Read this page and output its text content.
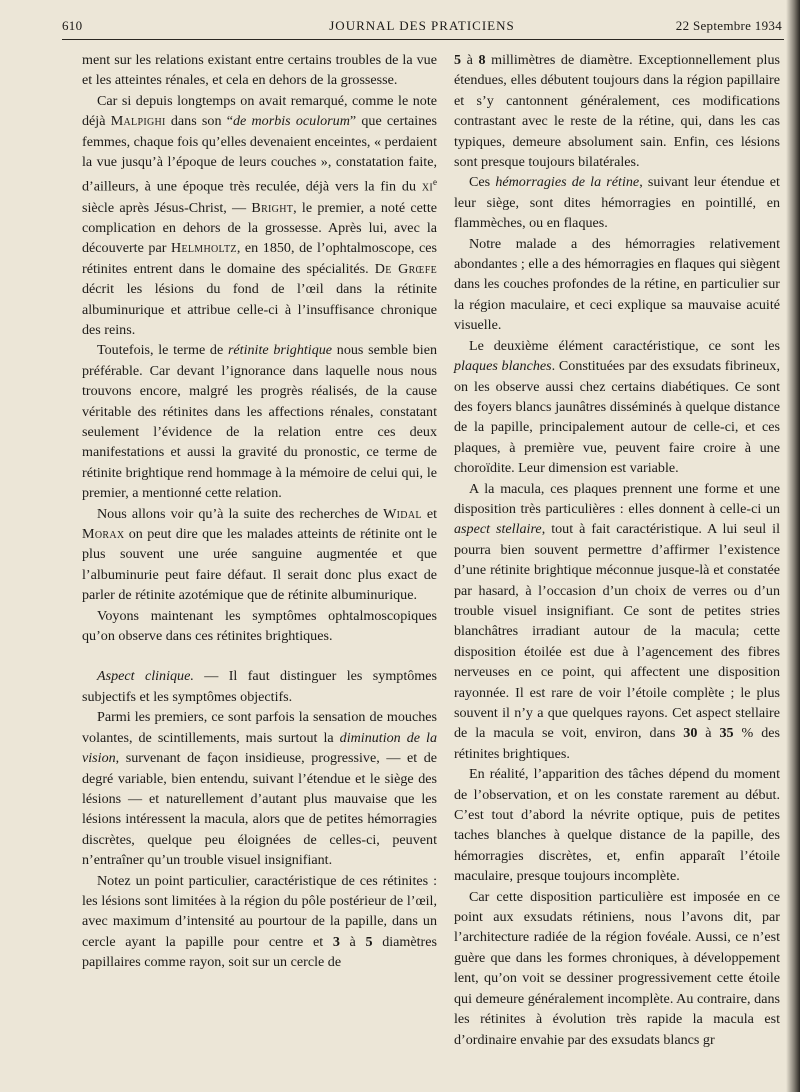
610	JOURNAL DES PRATICIENS	22 Septembre 1934

ment sur les relations existant entre certains troubles de la vue et les atteintes rénales, et cela en dehors de la grossesse.

Car si depuis longtemps on avait remarqué, comme le note déjà Malpighi dans son “de morbis oculorum” que certaines femmes, chaque fois qu’elles devenaient enceintes, « perdaient la vue jusqu’à l’époque de leurs couches », constatation faite, d’ailleurs, à une époque très reculée, déjà vers la fin du $xi^e$ siècle après Jésus-Christ, — Bright, le premier, a noté cette complication en dehors de la grossesse. Après lui, avec la découverte par Helmholtz, en 1850, de l’ophtalmoscope, ces rétinites entrent dans le domaine des spécialités. De Grœfe décrit les lésions du fond de l’œil dans la rétinite albuminurique et attribue celle-ci à l’insuffisance chronique des reins.

Toutefois, le terme de rétinite brightique nous semble bien préférable. Car devant l’ignorance dans laquelle nous nous trouvons encore, malgré les progrès réalisés, de la cause véritable des rétinites dans les affections rénales, constatant seulement l’évidence de la relation entre ces deux manifestations et aussi la gravité du pronostic, ce terme de rétinite brightique rend hommage à la mémoire de celui qui, le premier, a mentionné cette relation.

Nous allons voir qu’à la suite des recherches de Widal et Morax on peut dire que les malades atteints de rétinite ont le plus souvent une urée sanguine augmentée et que l’albuminurie peut faire défaut. Il serait donc plus exact de parler de rétinite azotémique que de rétinite albuminurique.

Voyons maintenant les symptômes ophtalmoscopiques qu’on observe dans ces rétinites brightiques.

Aspect clinique. — Il faut distinguer les symptômes subjectifs et les symptômes objectifs.

Parmi les premiers, ce sont parfois la sensation de mouches volantes, de scintillements, mais surtout la diminution de la vision, survenant de façon insidieuse, progressive, — et de degré variable, bien entendu, suivant l’étendue et le siège des lésions — et naturellement d’autant plus mauvaise que les lésions intéressent la macula, alors que de petites hémorragies discrètes, quelque peu éloignées de celles-ci, peuvent n’entraîner qu’un trouble visuel insignifiant.

Notez un point particulier, caractéristique de ces rétinites : les lésions sont limitées à la région du pôle postérieur de l’œil, avec maximum d’intensité au pourtour de la papille, dans un cercle ayant la papille pour centre et 3 à 5 diamètres papillaires comme rayon, soit sur un cercle de

5 à 8 millimètres de diamètre. Exceptionnellement plus étendues, elles débutent toujours dans la région papillaire et s’y cantonnent généralement, ces modifications contrastant avec le reste de la rétine, qui, dans les cas typiques, demeure absolument sain. Enfin, ces lésions sont presque toujours bilatérales.

Ces hémorragies de la rétine, suivant leur étendue et leur siège, sont dites hémorragies en pointillé, en flammèches, ou en flaques.

Notre malade a des hémorragies relativement abondantes ; elle a des hémorragies en flaques qui siègent dans les couches profondes de la rétine, en particulier sur la région maculaire, et ceci explique sa mauvaise acuité visuelle.

Le deuxième élément caractéristique, ce sont les plaques blanches. Constituées par des exsudats fibrineux, on les observe aussi chez certains diabétiques. Ce sont des foyers blancs jaunâtres disséminés à quelque distance de la papille, principalement autour de celle-ci, et ces plaques, à première vue, peuvent faire croire à une choroïdite. Leur dimension est variable.

A la macula, ces plaques prennent une forme et une disposition très particulières : elles donnent à celle-ci un aspect stellaire, tout à fait caractéristique. A lui seul il pourra bien souvent permettre d’affirmer l’existence d’une rétinite brightique méconnue jusque-là et constatée par hasard, à l’occasion d’un choix de verres ou d’un trouble visuel insignifiant. Ce sont de petites stries blanchâtres irradiant autour de la macula; cette disposition étoilée est due à l’agencement des fibres nerveuses en ce point, qui affectent une disposition rayonnée. Il est rare de voir l’étoile complète ; le plus souvent il n’y a que quelques rayons. Cet aspect stellaire de la macula se voit, environ, dans 30 à 35 % des rétinites brightiques.

En réalité, l’apparition des tâches dépend du moment de l’observation, et on les constate rarement au début. C’est tout d’abord la névrite optique, puis de petites taches blanches à quelque distance de la papille, des hémorragies discrètes, et, enfin apparaît l’étoile maculaire, presque toujours incomplète.

Car cette disposition particulière est imposée en ce point aux exsudats rétiniens, nous l’avons dit, par l’architecture radiée de la région fovéale. Aussi, ce n’est guère que dans les formes chroniques, à développement lent, qu’on voit se dessiner progressivement cette étoile qui demeure généralement incomplète. Au contraire, dans les rétinites à évolution très rapide la macula est d’ordinaire envahie par des exsudats blancs gr
